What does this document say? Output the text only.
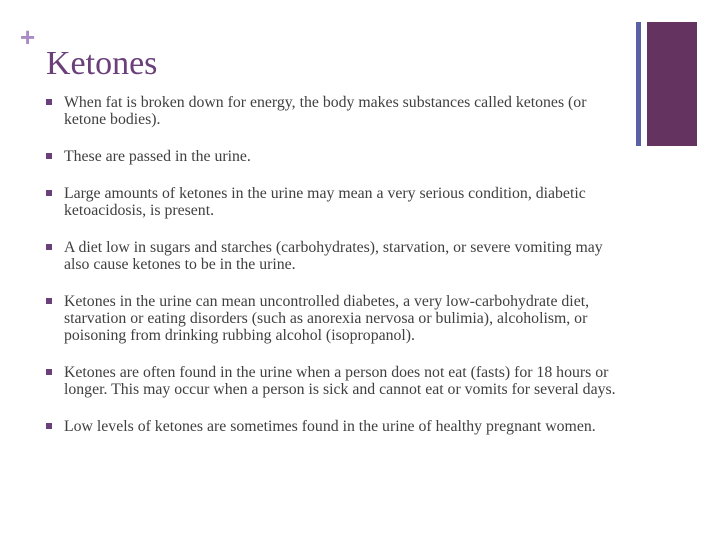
+
Ketones
When fat is broken down for energy, the body makes substances called ketones (or ketone bodies).
These are passed in the urine.
Large amounts of ketones in the urine may mean a very serious condition, diabetic ketoacidosis, is present.
A diet low in sugars and starches (carbohydrates), starvation, or severe vomiting may also cause ketones to be in the urine.
Ketones in the urine can mean uncontrolled diabetes, a very low-carbohydrate diet, starvation or eating disorders (such as anorexia nervosa or bulimia), alcoholism, or poisoning from drinking rubbing alcohol (isopropanol).
Ketones are often found in the urine when a person does not eat (fasts) for 18 hours or longer. This may occur when a person is sick and cannot eat or vomits for several days.
Low levels of ketones are sometimes found in the urine of healthy pregnant women.
